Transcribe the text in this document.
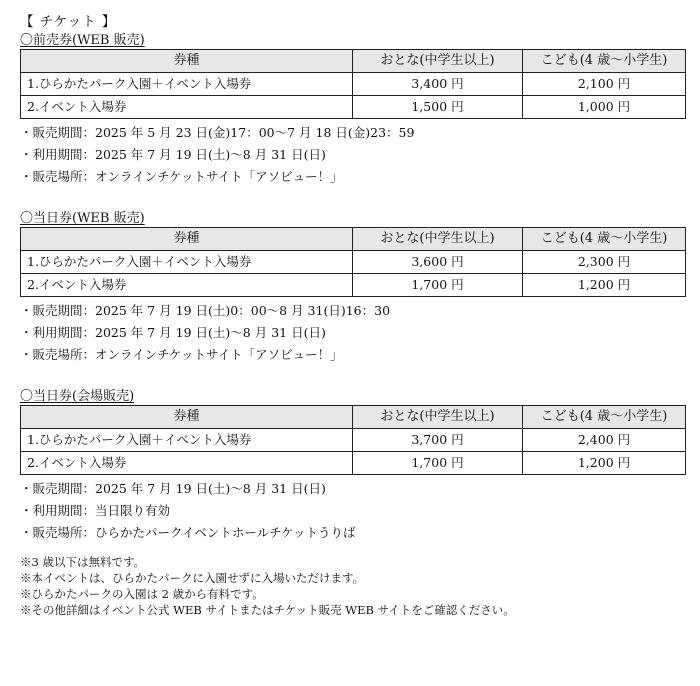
【 チケット 】
〇前売券(WEB 販売)
券種	おとな(中学生以上)	こども(4 歳～小学生)
1.ひらかたパーク入園＋イベント入場券	3,400 円	2,100 円
2.イベント入場券	1,500 円	1,000 円
・販売期間：2025 年 5 月 23 日(金)17：00～7 月 18 日(金)23：59
・利用期間：2025 年 7 月 19 日(土)～8 月 31 日(日)
・販売場所：オンラインチケットサイト「アソビュー！」
〇当日券(WEB 販売)
券種	おとな(中学生以上)	こども(4 歳～小学生)
1.ひらかたパーク入園＋イベント入場券	3,600 円	2,300 円
2.イベント入場券	1,700 円	1,200 円
・販売期間：2025 年 7 月 19 日(土)0：00～8 月 31(日)16：30
・利用期間：2025 年 7 月 19 日(土)～8 月 31 日(日)
・販売場所：オンラインチケットサイト「アソビュー！」
〇当日券(会場販売)
券種	おとな(中学生以上)	こども(4 歳～小学生)
1.ひらかたパーク入園＋イベント入場券	3,700 円	2,400 円
2.イベント入場券	1,700 円	1,200 円
・販売期間：2025 年 7 月 19 日(土)～8 月 31 日(日)
・利用期間：当日限り有効
・販売場所：ひらかたパークイベントホールチケットうりば
※3 歳以下は無料です。
※本イベントは、ひらかたパークに入園せずに入場いただけます。
※ひらかたパークの入園は 2 歳から有料です。
※その他詳細はイベント公式 WEB サイトまたはチケット販売 WEB サイトをご確認ください。
